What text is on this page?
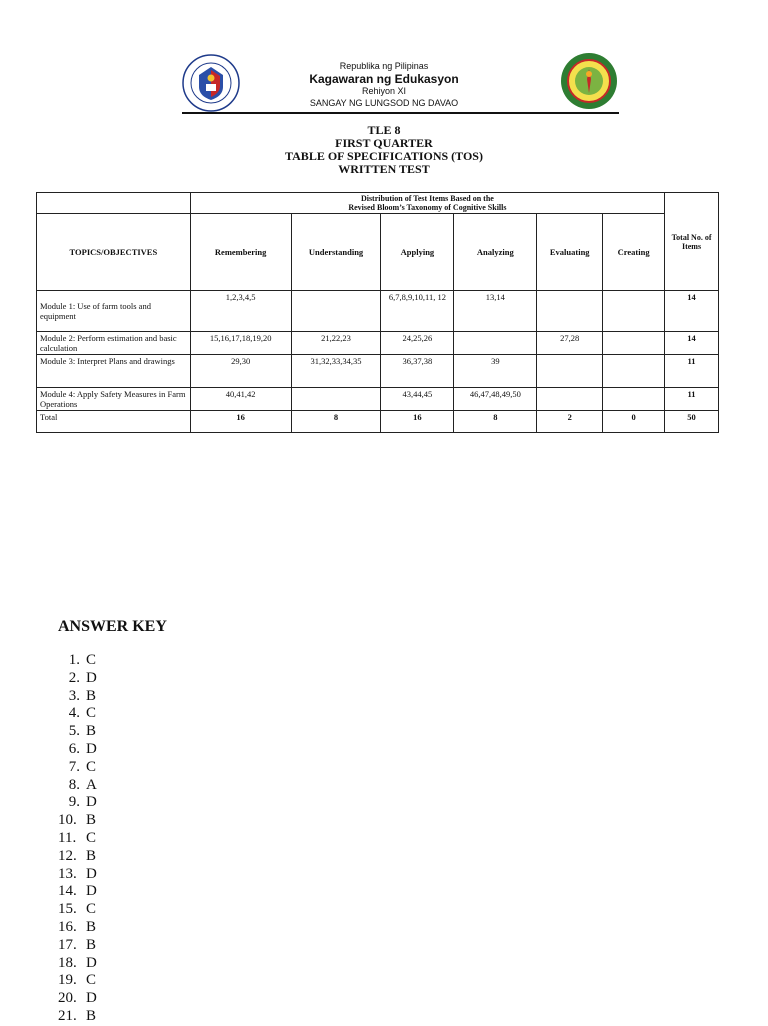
Republika ng Pilipinas
Kagawaran ng Edukasyon
Rehiyon XI
SANGAY NG LUNGSOD NG DAVAO
TLE 8
FIRST QUARTER
TABLE OF SPECIFICATIONS (TOS)
WRITTEN TEST

	Distribution of Test Items Based on the
Revised Bloom’s Taxonomy of Cognitive Skills						Total No. of Items
TOPICS/OBJECTIVES	Remembering	Understanding	Applying	Analyzing	Evaluating	Creating	
Module 1: Use of farm tools and equipment	1,2,3,4,5		6,7,8,9,10,11, 12	13,14			14
Module 2: Perform estimation and basic calculation	15,16,17,18,19,20	21,22,23	24,25,26		27,28		14
Module 3: Interpret Plans and drawings	29,30	31,32,33,34,35	36,37,38	39			11
Module 4: Apply Safety Measures in Farm Operations	40,41,42		43,44,45	46,47,48,49,50			11
Total	16	8	16	8	2	0	50
ANSWER KEY
1. C
2. D
3. B
4. C
5. B
6. D
7. C
8. A
9. D
10. B
11. C
12. B
13. D
14. D
15. C
16. B
17. B
18. D
19. C
20. D
21. B
